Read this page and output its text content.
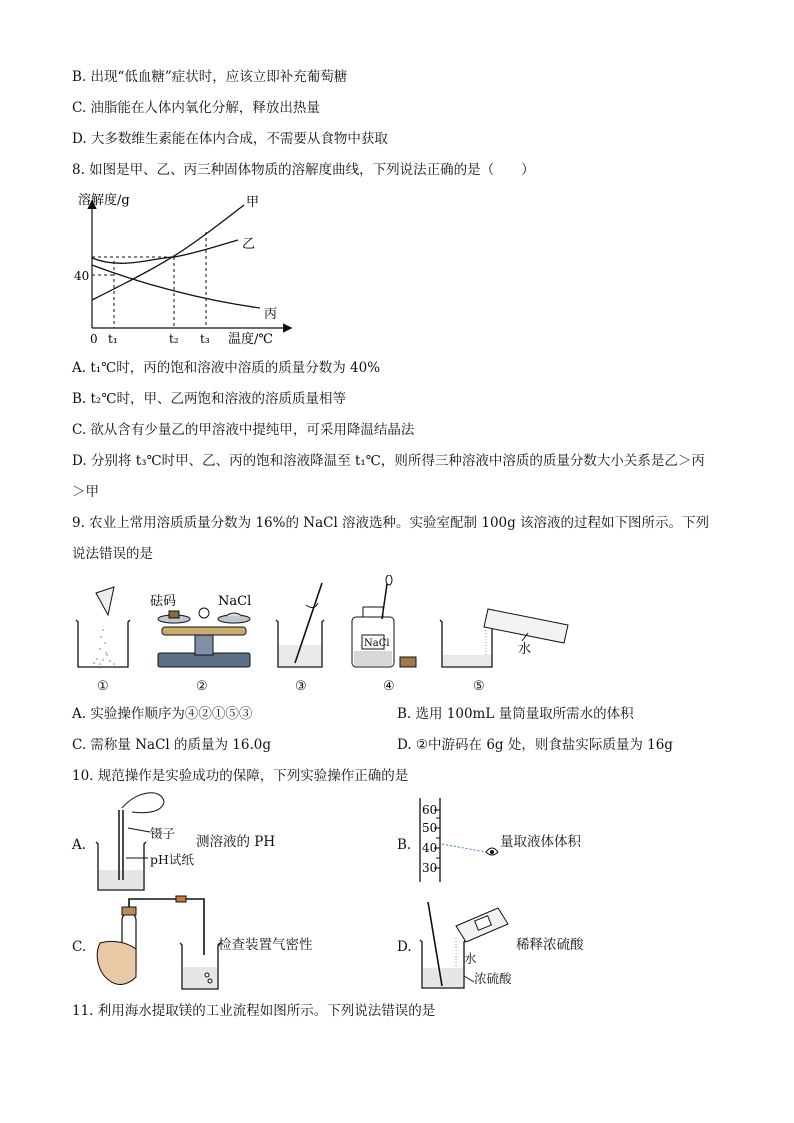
B. 出现“低血糖”症状时，应该立即补充葡萄糖
C. 油脂能在人体内氧化分解，释放出热量
D. 大多数维生素能在体内合成，不需要从食物中获取
8. 如图是甲、乙、丙三种固体物质的溶解度曲线，下列说法正确的是（　　）
溶解度/g
温度/℃
40
0 t₁	t₂ t₃
甲
乙
丙
A. t₁℃时，丙的饱和溶液中溶质的质量分数为 40%
B. t₂℃时，甲、乙两饱和溶液的溶质质量相等
C. 欲从含有少量乙的甲溶液中提纯甲，可采用降温结晶法
D. 分别将 t₃℃时甲、乙、丙的饱和溶液降温至 t₁℃，则所得三种溶液中溶质的质量分数大小关系是乙＞丙
＞甲
9. 农业上常用溶质质量分数为 16%的 NaCl 溶液选种。实验室配制 100g 该溶液的过程如下图所示。下列
说法错误的是
砝码	NaCl
NaCl	水
①	②	③	④	⑤
A. 实验操作顺序为④②①⑤③	B. 选用 100mL 量筒量取所需水的体积
C. 需称量 NaCl 的质量为 16.0g	D. ②中游码在 6g 处，则食盐实际质量为 16g
10. 规范操作是实验成功的保障，下列实验操作正确的是
A.
镊子
pH试纸
测溶液的 PH	B.
60
50
40
30
量取液体体积
C.	检查装置气密性	D.
水
浓硫酸
稀释浓硫酸
11. 利用海水提取镁的工业流程如图所示。下列说法错误的是
